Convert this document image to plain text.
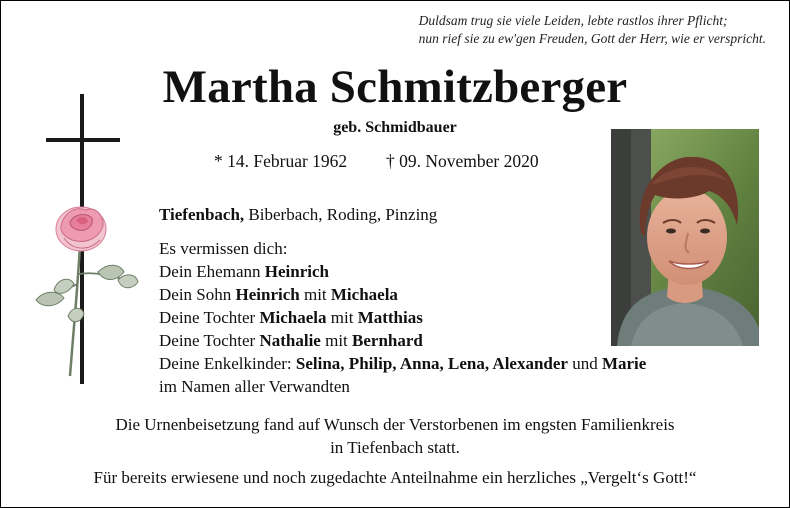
Duldsam trug sie viele Leiden, lebte rastlos ihrer Pflicht;
nun rief sie zu ew'gen Freuden, Gott der Herr, wie er verspricht.
Martha Schmitzberger
geb. Schmidbauer
* 14. Februar 1962 † 09. November 2020
Tiefenbach, Biberbach, Roding, Pinzing
Es vermissen dich:
Dein Ehemann Heinrich
Dein Sohn Heinrich mit Michaela
Deine Tochter Michaela mit Matthias
Deine Tochter Nathalie mit Bernhard
Deine Enkelkinder: Selina, Philip, Anna, Lena, Alexander und Marie
im Namen aller Verwandten
Die Urnenbeisetzung fand auf Wunsch der Verstorbenen im engsten Familienkreis
in Tiefenbach statt.
Für bereits erwiesene und noch zugedachte Anteilnahme ein herzliches „Vergelt‘s Gott!“
